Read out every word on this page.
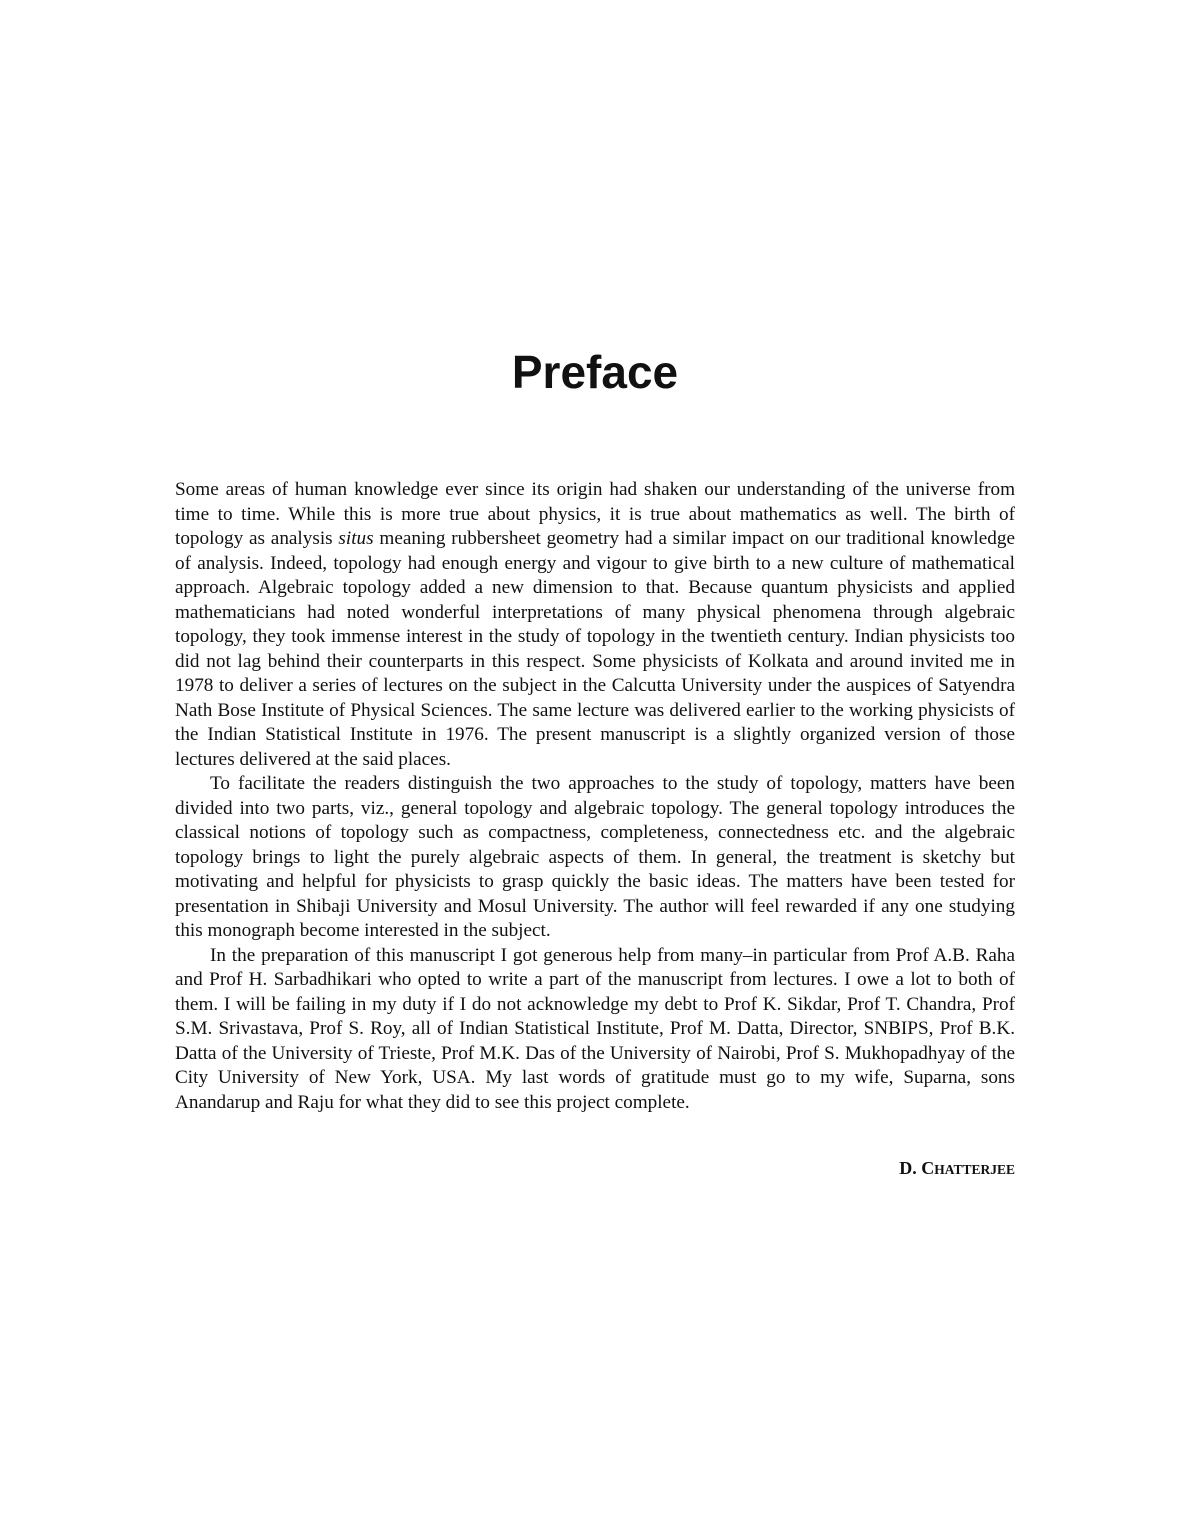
Preface

Some areas of human knowledge ever since its origin had shaken our understanding of the universe from time to time. While this is more true about physics, it is true about mathematics as well. The birth of topology as analysis situs meaning rubbersheet geometry had a similar impact on our traditional knowledge of analysis. Indeed, topology had enough energy and vigour to give birth to a new culture of mathematical approach. Algebraic topology added a new dimension to that. Because quantum physicists and applied mathematicians had noted wonderful interpretations of many physical phenomena through algebraic topology, they took immense interest in the study of topology in the twentieth century. Indian physicists too did not lag behind their counterparts in this respect. Some physicists of Kolkata and around invited me in 1978 to deliver a series of lectures on the subject in the Calcutta University under the auspices of Satyendra Nath Bose Institute of Physical Sciences. The same lecture was delivered earlier to the working physicists of the Indian Statistical Institute in 1976. The present manuscript is a slightly organized version of those lectures delivered at the said places.

To facilitate the readers distinguish the two approaches to the study of topology, matters have been divided into two parts, viz., general topology and algebraic topology. The general topology introduces the classical notions of topology such as compactness, completeness, connectedness etc. and the algebraic topology brings to light the purely algebraic aspects of them. In general, the treatment is sketchy but motivating and helpful for physicists to grasp quickly the basic ideas. The matters have been tested for presentation in Shibaji University and Mosul University. The author will feel rewarded if any one studying this monograph become interested in the subject.

In the preparation of this manuscript I got generous help from many–in particular from Prof A.B. Raha and Prof H. Sarbadhikari who opted to write a part of the manuscript from lectures. I owe a lot to both of them. I will be failing in my duty if I do not acknowledge my debt to Prof K. Sikdar, Prof T. Chandra, Prof S.M. Srivastava, Prof S. Roy, all of Indian Statistical Institute, Prof M. Datta, Director, SNBIPS, Prof B.K. Datta of the University of Trieste, Prof M.K. Das of the University of Nairobi, Prof S. Mukhopadhyay of the City University of New York, USA. My last words of gratitude must go to my wife, Suparna, sons Anandarup and Raju for what they did to see this project complete.

D. CHATTERJEE
